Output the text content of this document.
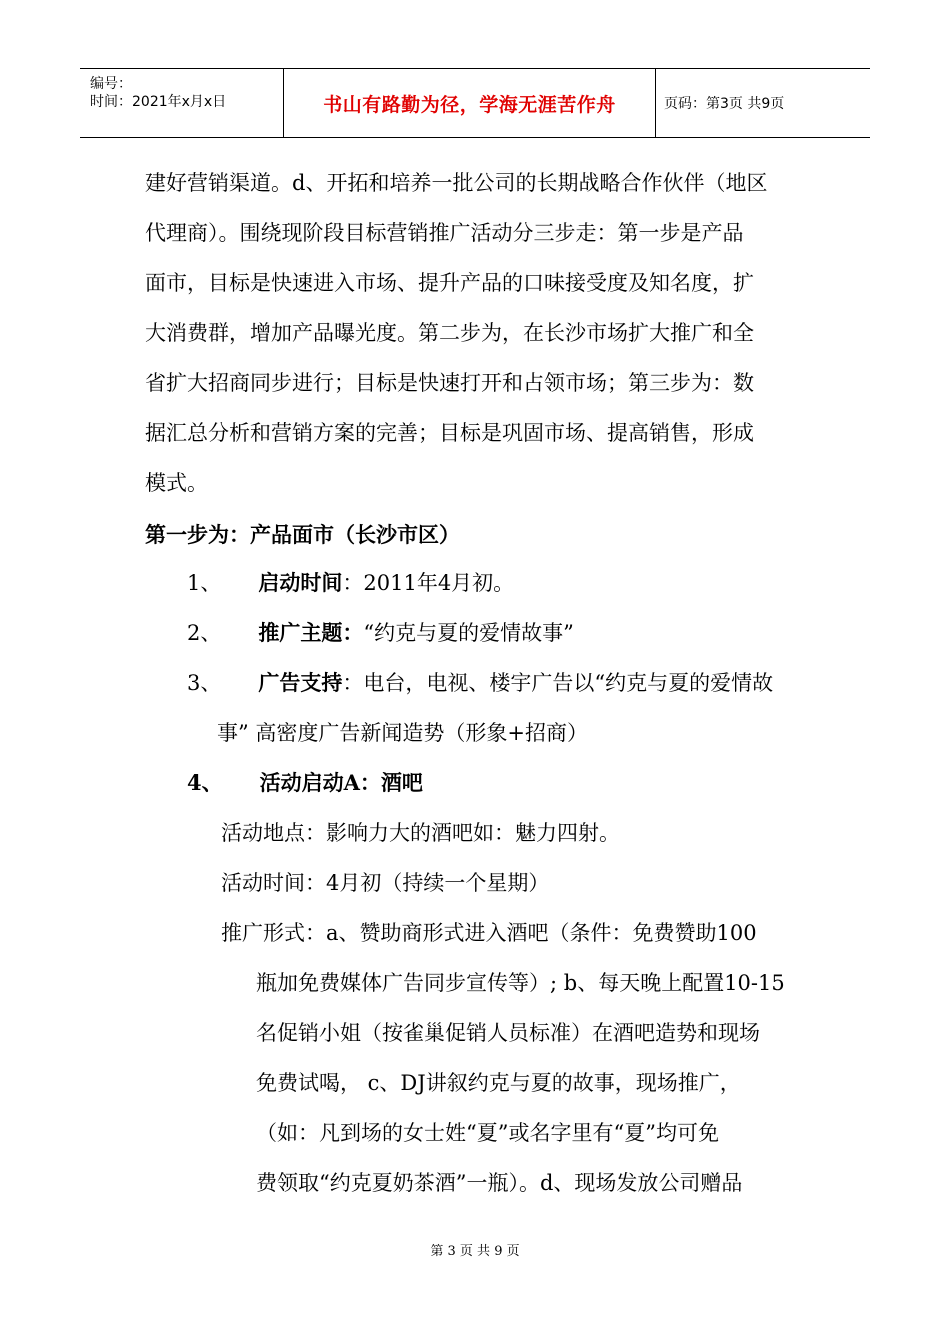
编号：
时间：2021年x月x日	书山有路勤为径，学海无涯苦作舟	页码：第3页 共9页
建好营销渠道。d、开拓和培养一批公司的长期战略合作伙伴（地区
代理商）。围绕现阶段目标营销推广活动分三步走：第一步是产品
面市，目标是快速进入市场、提升产品的口味接受度及知名度，扩
大消费群，增加产品曝光度。第二步为，在长沙市场扩大推广和全
省扩大招商同步进行；目标是快速打开和占领市场；第三步为：数
据汇总分析和营销方案的完善；目标是巩固市场、提高销售，形成
模式。
第一步为：产品面市（长沙市区）
1、 启动时间：2011年4月初。
2、 推广主题：“约克与夏的爱情故事”
3、 广告支持：电台，电视、楼宇广告以“约克与夏的爱情故
事” 高密度广告新闻造势（形象+招商）
4、 活动启动A：酒吧
活动地点：影响力大的酒吧如：魅力四射。
活动时间：4月初（持续一个星期）
推广形式：a、赞助商形式进入酒吧（条件：免费赞助100
瓶加免费媒体广告同步宣传等）; b、每天晚上配置10-15
名促销小姐（按雀巢促销人员标准）在酒吧造势和现场
免费试喝， c、DJ讲叙约克与夏的故事，现场推广，
（如：凡到场的女士姓“夏”或名字里有“夏”均可免
费领取“约克夏奶茶酒”一瓶）。d、现场发放公司赠品
第 3 页 共 9 页
